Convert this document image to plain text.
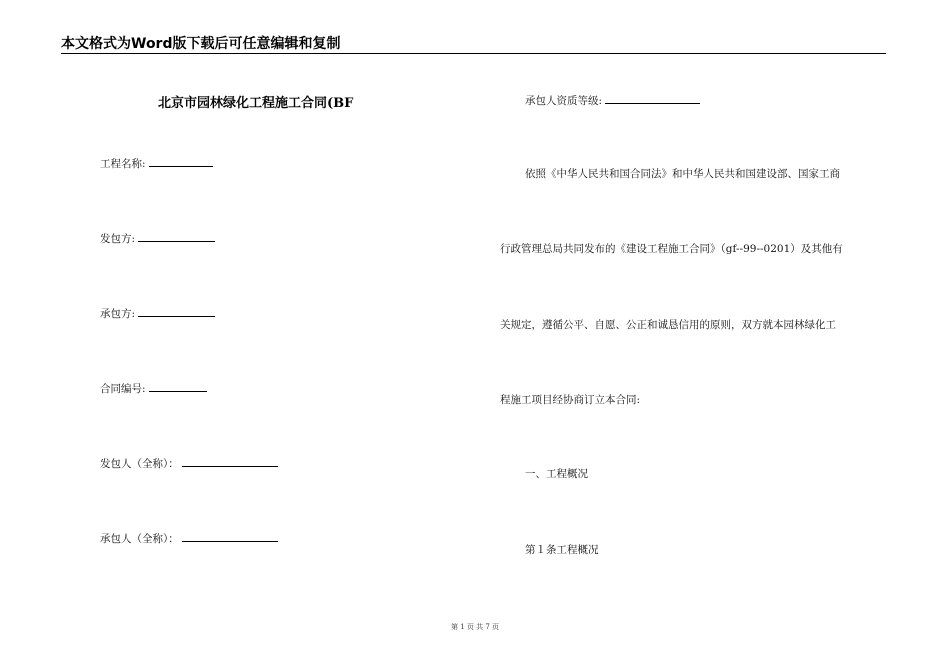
本文格式为Word版下载后可任意编辑和复制
北京市园林绿化工程施工合同(BF
工程名称:
发包方:
承包方:
合同编号:
发包人（全称）：
承包人（全称）：
承包人资质等级:
依照《中华人民共和国合同法》和中华人民共和国建设部、国家工商
行政管理总局共同发布的《建设工程施工合同》（gf--99--0201）及其他有
关规定，遵循公平、自愿、公正和诚恳信用的原则，双方就本园林绿化工
程施工项目经协商订立本合同:
一、工程概况
第１条工程概况
第 1 页 共 7 页
